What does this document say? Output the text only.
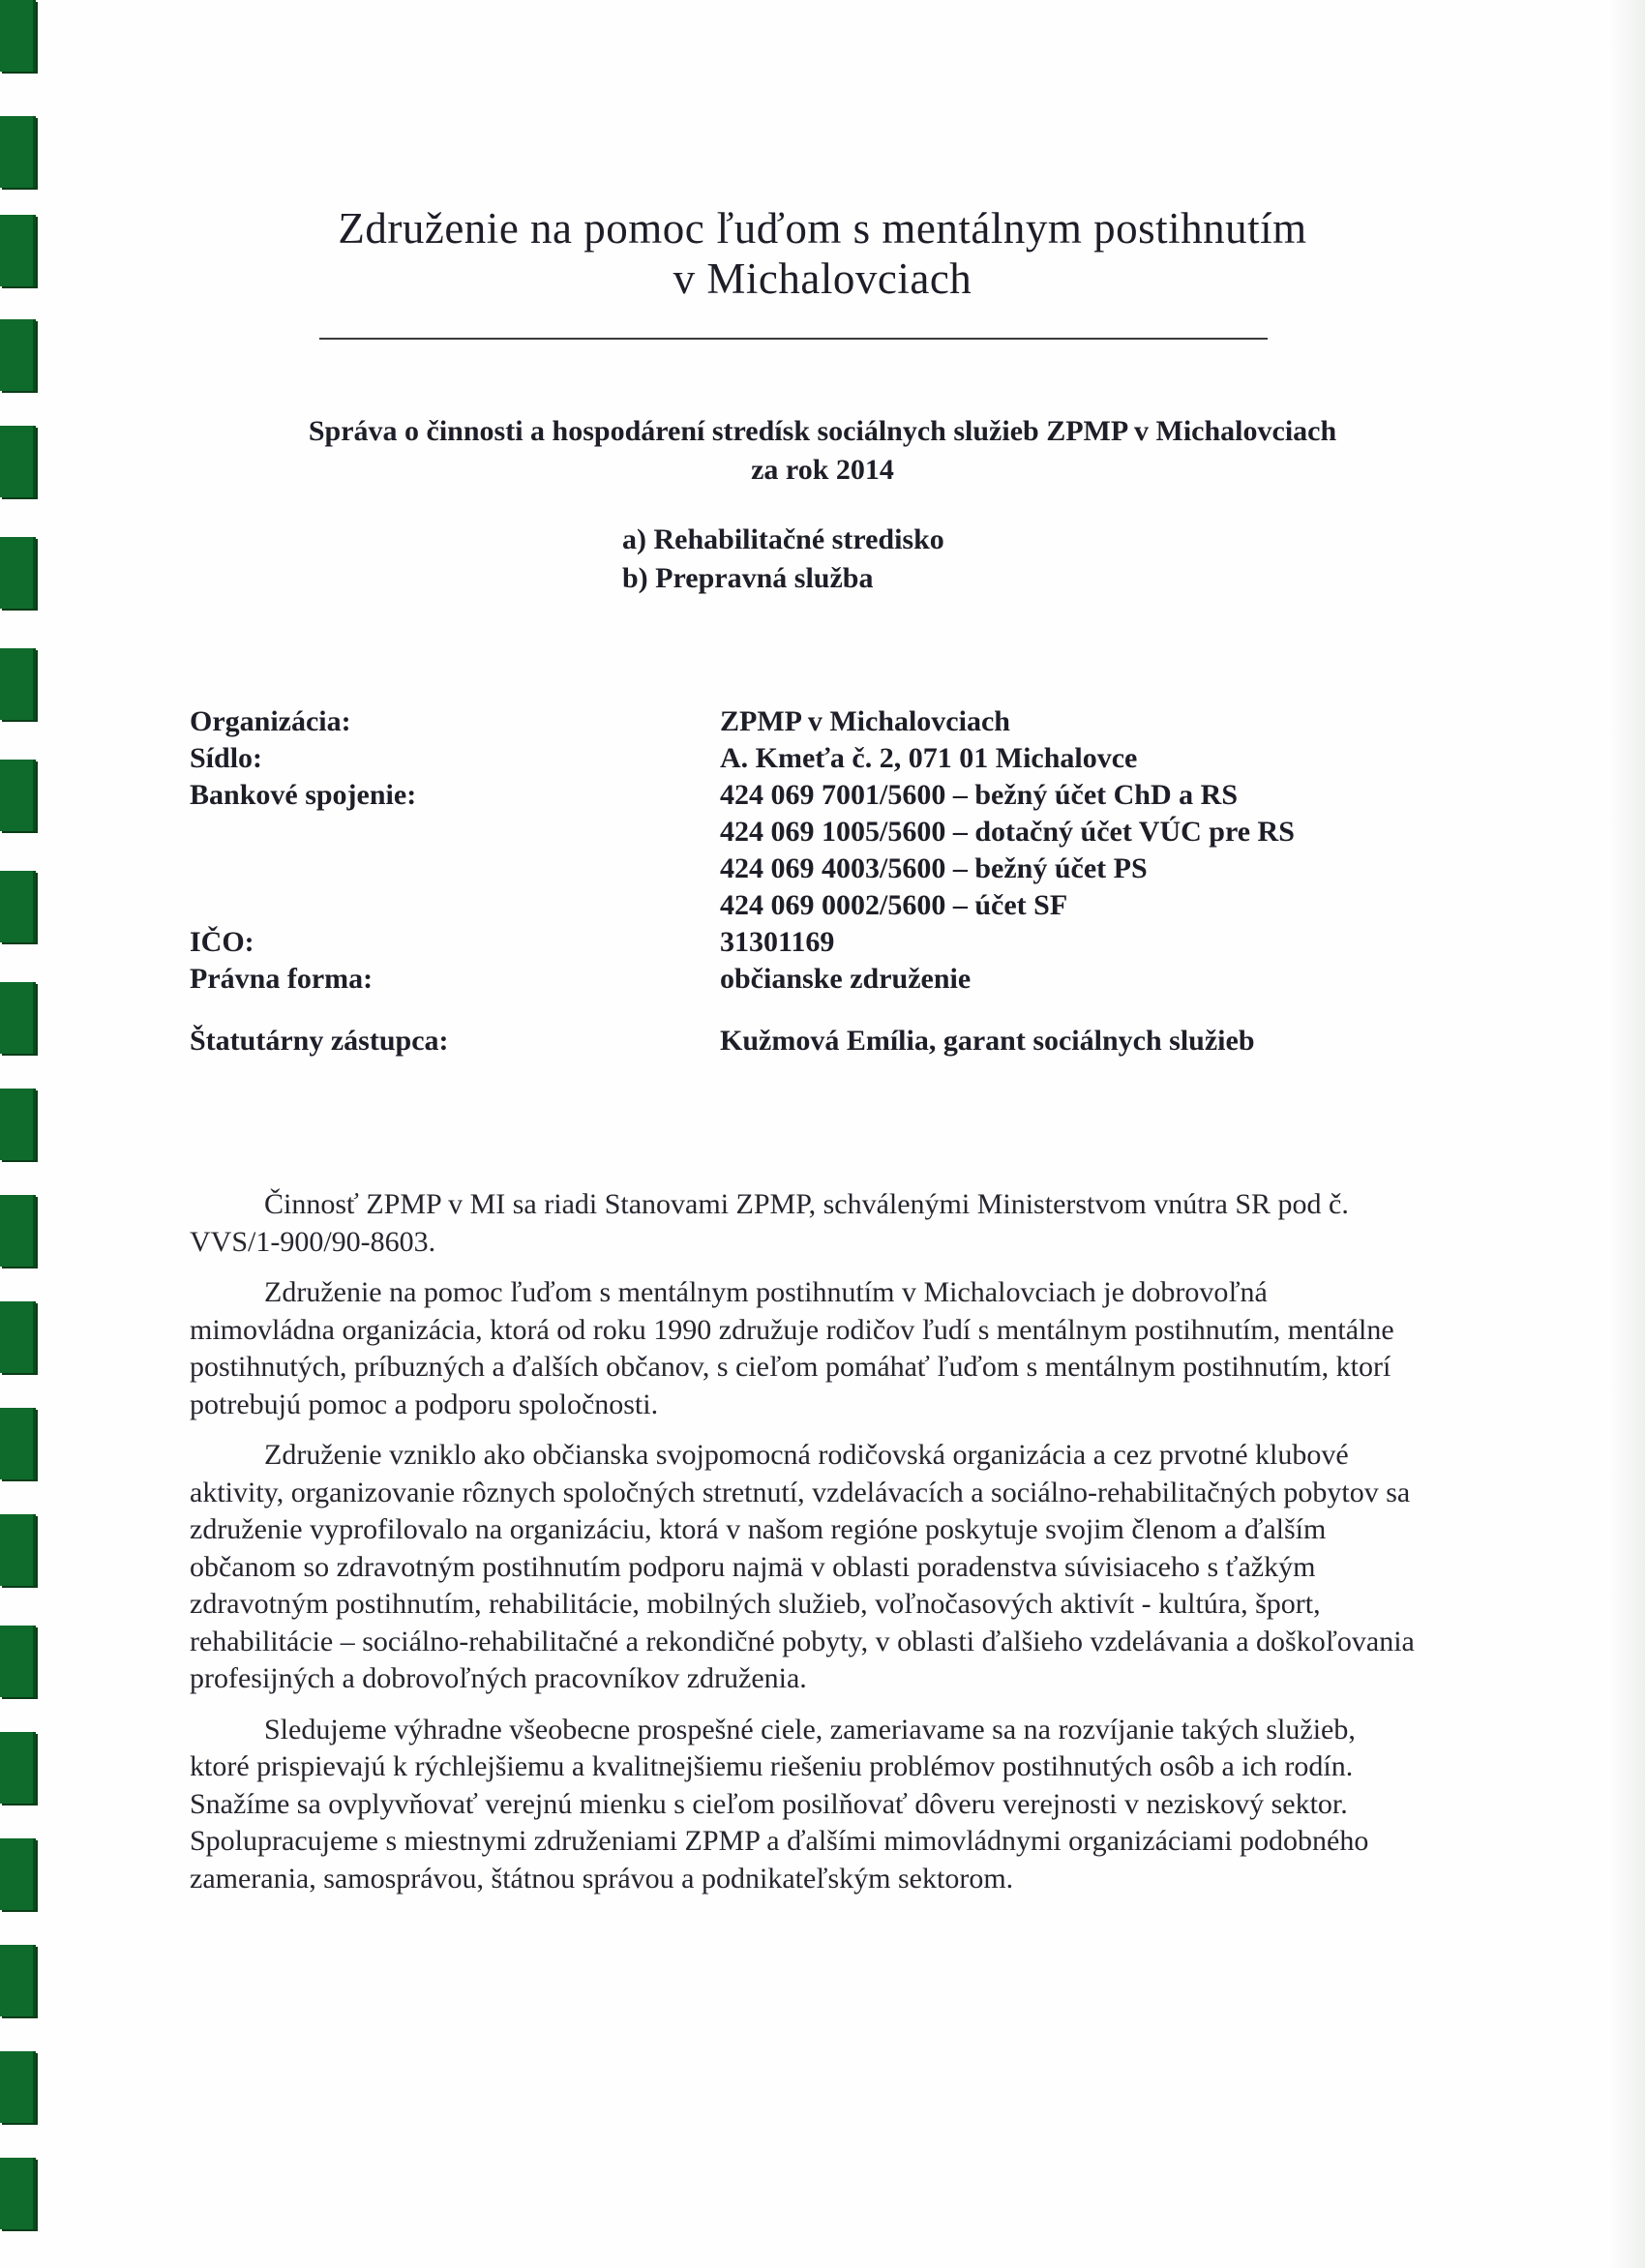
Združenie na pomoc ľuďom s mentálnym postihnutím
v Michalovciach
Správa o činnosti a hospodárení stredísk sociálnych služieb ZPMP v Michalovciach
za rok 2014
a) Rehabilitačné stredisko
b) Prepravná služba
Organizácia:	ZPMP v Michalovciach
Sídlo:	A. Kmeťa č. 2, 071 01 Michalovce
Bankové spojenie:	424 069 7001/5600 – bežný účet ChD a RS
424 069 1005/5600 – dotačný účet VÚC pre RS
424 069 4003/5600 – bežný účet PS
424 069 0002/5600 – účet SF
IČO:	31301169
Právna forma:	občianske združenie
Štatutárny zástupca:	Kužmová Emília, garant sociálnych služieb

Činnosť ZPMP v MI sa riadi Stanovami ZPMP, schválenými Ministerstvom vnútra SR pod č. VVS/1-900/90-8603.

Združenie na pomoc ľuďom s mentálnym postihnutím v Michalovciach je dobrovoľná mimovládna organizácia, ktorá od roku 1990 združuje rodičov ľudí s mentálnym postihnutím, mentálne postihnutých, príbuzných a ďalších občanov, s cieľom pomáhať ľuďom s mentálnym postihnutím, ktorí potrebujú pomoc a podporu spoločnosti.

Združenie vzniklo ako občianska svojpomocná rodičovská organizácia a cez prvotné klubové aktivity, organizovanie rôznych spoločných stretnutí, vzdelávacích a sociálno-rehabilitačných pobytov sa združenie vyprofilovalo na organizáciu, ktorá v našom regióne poskytuje svojim členom a ďalším občanom so zdravotným postihnutím podporu najmä v oblasti poradenstva súvisiaceho s ťažkým zdravotným postihnutím, rehabilitácie, mobilných služieb, voľnočasových aktivít - kultúra, šport, rehabilitácie – sociálno-rehabilitačné a rekondičné pobyty, v oblasti ďalšieho vzdelávania a doškoľovania profesijných a dobrovoľných pracovníkov združenia.

Sledujeme výhradne všeobecne prospešné ciele, zameriavame sa na rozvíjanie takých služieb, ktoré prispievajú k rýchlejšiemu a kvalitnejšiemu riešeniu problémov postihnutých osôb a ich rodín. Snažíme sa ovplyvňovať verejnú mienku s cieľom posilňovať dôveru verejnosti v neziskový sektor. Spolupracujeme s miestnymi združeniami ZPMP a ďalšími mimovládnymi organizáciami podobného zamerania, samosprávou, štátnou správou a podnikateľským sektorom.
